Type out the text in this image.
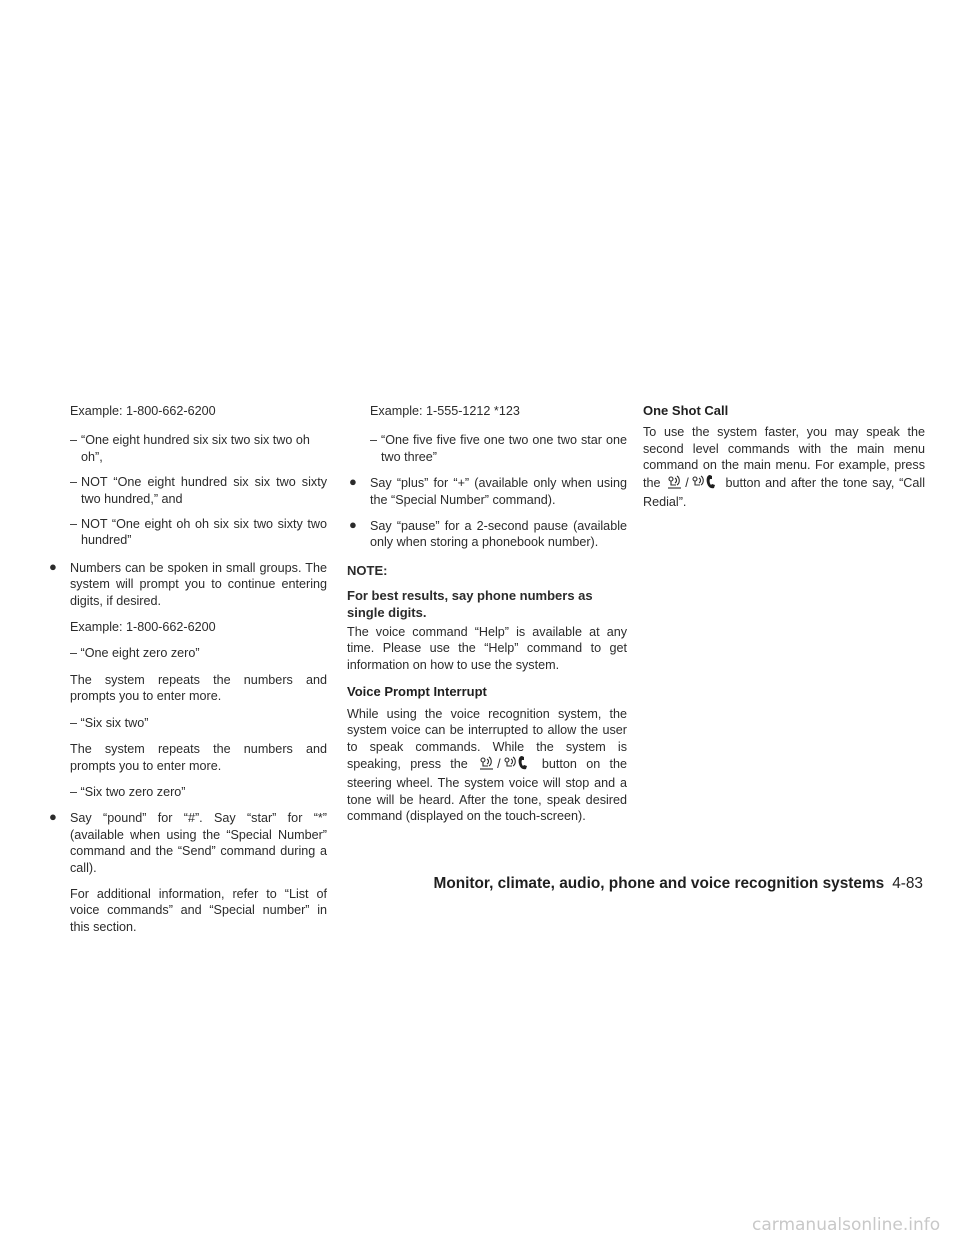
Example: 1-800-662-6200

– “One eight hundred six six two six two oh oh”,

– NOT “One eight hundred six six two sixty two hundred,” and

– NOT “One eight oh oh six six two sixty two hundred”

● Numbers can be spoken in small groups. The system will prompt you to continue entering digits, if desired.

Example: 1-800-662-6200

– “One eight zero zero”

The system repeats the numbers and prompts you to enter more.

– “Six six two”

The system repeats the numbers and prompts you to enter more.

– “Six two zero zero”

● Say “pound” for “#”. Say “star” for “*” (available when using the “Special Number” command and the “Send” command during a call).

For additional information, refer to “List of voice commands” and “Special number” in this section.

Example: 1-555-1212 *123

– “One five five five one two one two star one two three”

● Say “plus” for “+” (available only when using the “Special Number” command).
● Say “pause” for a 2-second pause (available only when storing a phonebook number).

NOTE:

For best results, say phone numbers as single digits.

The voice command “Help” is available at any time. Please use the “Help” command to get information on how to use the system.

Voice Prompt Interrupt

While using the voice recognition system, the system voice can be interrupted to allow the user to speak commands. While the system is speaking, press the /	button on the steering wheel. The system voice will stop and a tone will be heard. After the tone, speak desired command (displayed on the touch-screen).

One Shot Call

To use the system faster, you may speak the second level commands with the main menu command on the main menu. For example, press the /	button and after the tone say, “Call Redial”.

Monitor, climate, audio, phone and voice recognition systems 4-83
carmanualsonline.info
